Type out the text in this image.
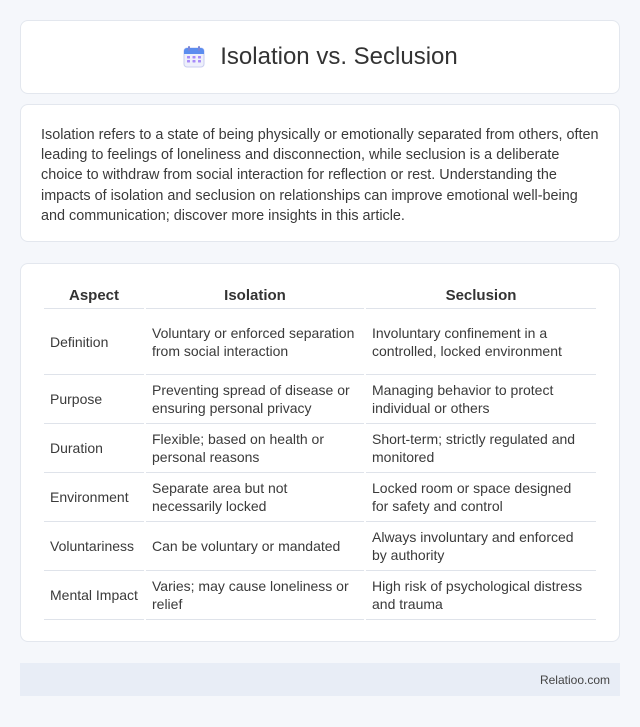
Isolation vs. Seclusion

Isolation refers to a state of being physically or emotionally separated from others, often leading to feelings of loneliness and disconnection, while seclusion is a deliberate choice to withdraw from social interaction for reflection or rest. Understanding the impacts of isolation and seclusion on relationships can improve emotional well-being and communication; discover more insights in this article.

Aspect	Isolation	Seclusion
Definition	Voluntary or enforced separation from social interaction	Involuntary confinement in a controlled, locked environment
Purpose	Preventing spread of disease or ensuring personal privacy	Managing behavior to protect individual or others
Duration	Flexible; based on health or personal reasons	Short-term; strictly regulated and monitored
Environment	Separate area but not necessarily locked	Locked room or space designed for safety and control
Voluntariness	Can be voluntary or mandated	Always involuntary and enforced by authority
Mental Impact	Varies; may cause loneliness or relief	High risk of psychological distress and trauma
Relatioo.com
